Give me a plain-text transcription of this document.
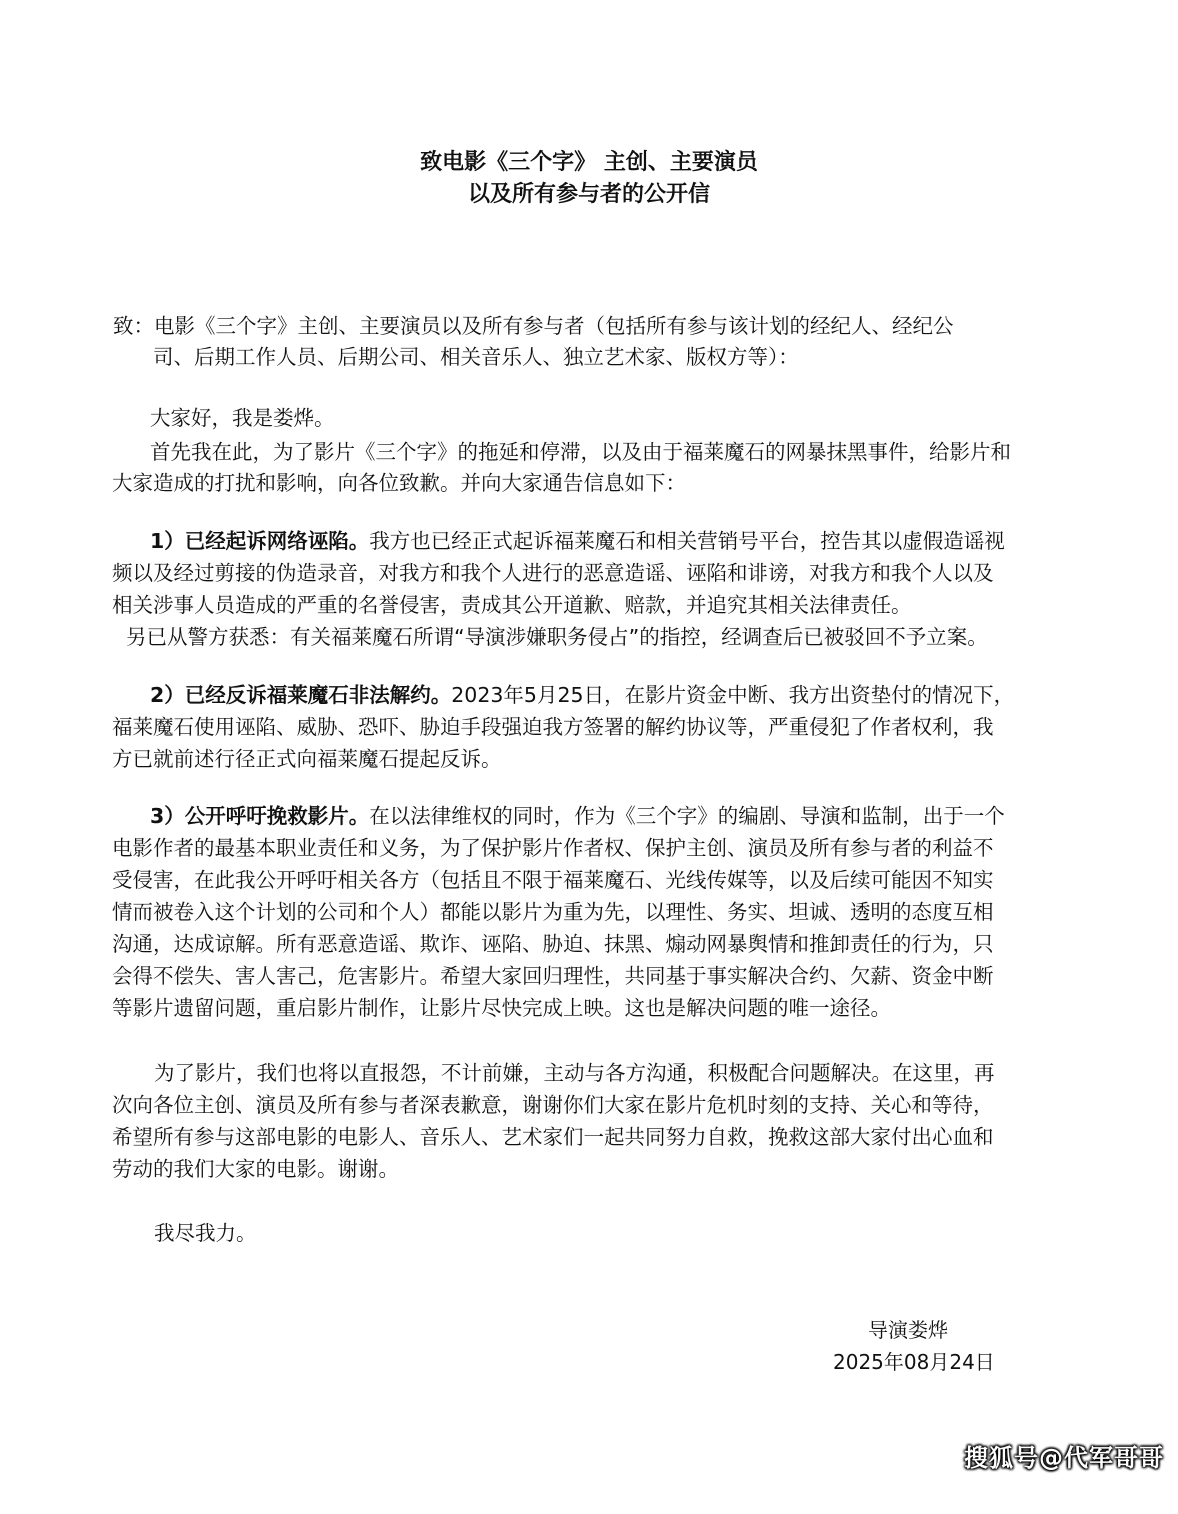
致电影《三个字》 主创、主要演员
以及所有参与者的公开信
致：电影《三个字》主创、主要演员以及所有参与者（包括所有参与该计划的经纪人、经纪公
司、后期工作人员、后期公司、相关音乐人、独立艺术家、版权方等）：
大家好，我是娄烨。
首先我在此，为了影片《三个字》的拖延和停滞，以及由于福莱魔石的网暴抹黑事件，给影片和
大家造成的打扰和影响，向各位致歉。并向大家通告信息如下：
1）已经起诉网络诬陷。我方也已经正式起诉福莱魔石和相关营销号平台，控告其以虚假造谣视
频以及经过剪接的伪造录音，对我方和我个人进行的恶意造谣、诬陷和诽谤，对我方和我个人以及
相关涉事人员造成的严重的名誉侵害，责成其公开道歉、赔款，并追究其相关法律责任。
另已从警方获悉：有关福莱魔石所谓“导演涉嫌职务侵占”的指控，经调查后已被驳回不予立案。
2）已经反诉福莱魔石非法解约。2023年5月25日，在影片资金中断、我方出资垫付的情况下，
福莱魔石使用诬陷、威胁、恐吓、胁迫手段强迫我方签署的解约协议等，严重侵犯了作者权利，我
方已就前述行径正式向福莱魔石提起反诉。
3）公开呼吁挽救影片。在以法律维权的同时，作为《三个字》的编剧、导演和监制，出于一个
电影作者的最基本职业责任和义务，为了保护影片作者权、保护主创、演员及所有参与者的利益不
受侵害，在此我公开呼吁相关各方（包括且不限于福莱魔石、光线传媒等，以及后续可能因不知实
情而被卷入这个计划的公司和个人）都能以影片为重为先，以理性、务实、坦诚、透明的态度互相
沟通，达成谅解。所有恶意造谣、欺诈、诬陷、胁迫、抹黑、煽动网暴舆情和推卸责任的行为，只
会得不偿失、害人害己，危害影片。希望大家回归理性，共同基于事实解决合约、欠薪、资金中断
等影片遗留问题，重启影片制作，让影片尽快完成上映。这也是解决问题的唯一途径。
为了影片，我们也将以直报怨，不计前嫌，主动与各方沟通，积极配合问题解决。在这里，再
次向各位主创、演员及所有参与者深表歉意，谢谢你们大家在影片危机时刻的支持、关心和等待，
希望所有参与这部电影的电影人、音乐人、艺术家们一起共同努力自救，挽救这部大家付出心血和
劳动的我们大家的电影。谢谢。
我尽我力。
导演娄烨
2025年08月24日
搜狐号@代军哥哥
